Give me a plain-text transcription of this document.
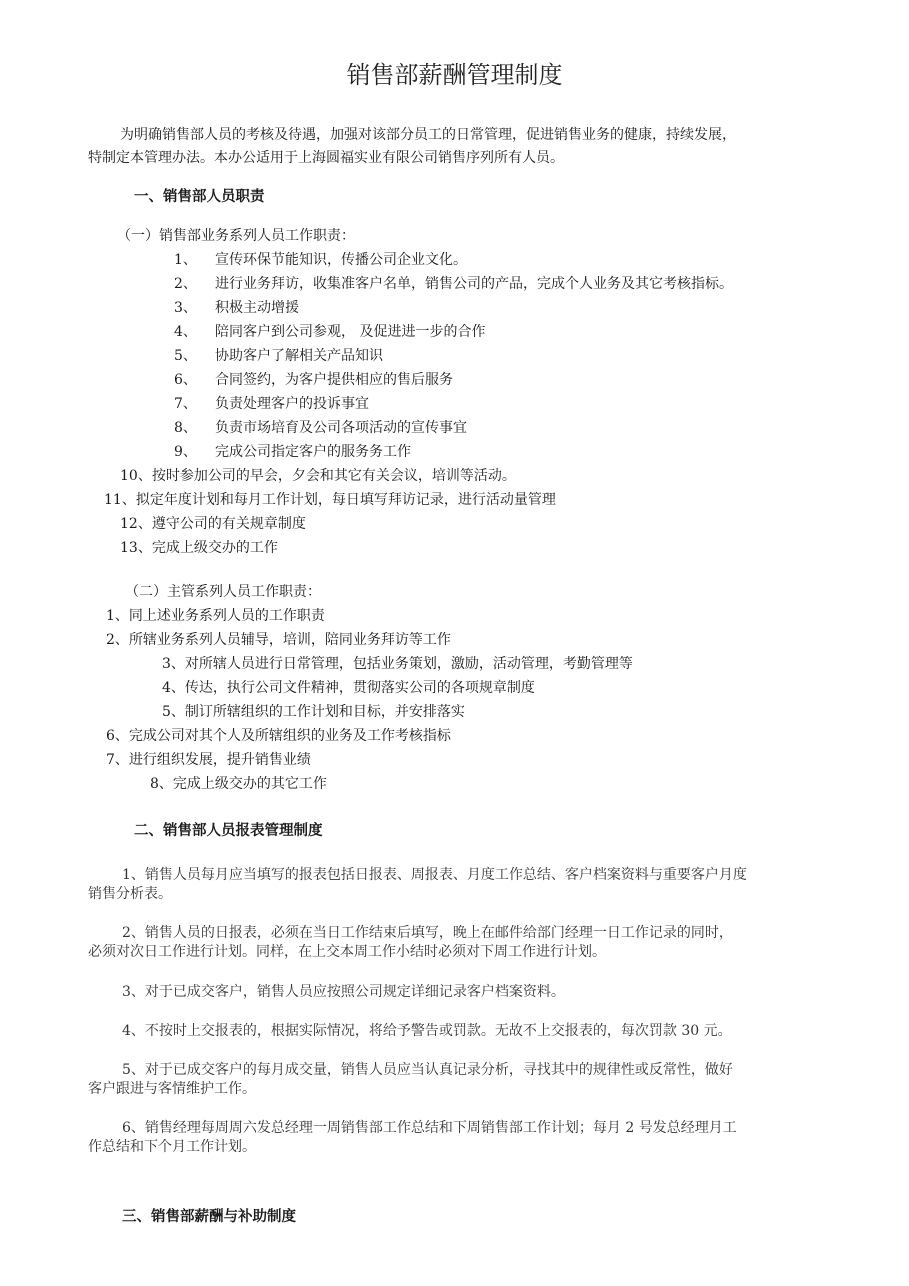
销售部薪酬管理制度
为明确销售部人员的考核及待遇，加强对该部分员工的日常管理，促进销售业务的健康，持续发展，
特制定本管理办法。本办公适用于上海圆福实业有限公司销售序列所有人员。
一、销售部人员职责
（一）销售部业务系列人员工作职责：
1、 宣传环保节能知识，传播公司企业文化。
2、 进行业务拜访，收集准客户名单，销售公司的产品，完成个人业务及其它考核指标。
3、 积极主动增援
4、 陪同客户到公司参观， 及促进进一步的合作
5、 协助客户了解相关产品知识
6、 合同签约，为客户提供相应的售后服务
7、 负责处理客户的投诉事宜
8、 负责市场培育及公司各项活动的宣传事宜
9、 完成公司指定客户的服务务工作
10、按时参加公司的早会，夕会和其它有关会议，培训等活动。
11、拟定年度计划和每月工作计划，每日填写拜访记录，进行活动量管理
12、遵守公司的有关规章制度
13、完成上级交办的工作
（二）主管系列人员工作职责：
1、同上述业务系列人员的工作职责
2、所辖业务系列人员辅导，培训，陪同业务拜访等工作
3、对所辖人员进行日常管理，包括业务策划，激励，活动管理，考勤管理等
4、传达，执行公司文件精神，贯彻落实公司的各项规章制度
5、制订所辖组织的工作计划和目标，并安排落实
6、完成公司对其个人及所辖组织的业务及工作考核指标
7、进行组织发展，提升销售业绩
8、完成上级交办的其它工作
二、销售部人员报表管理制度
1、销售人员每月应当填写的报表包括日报表、周报表、月度工作总结、客户档案资料与重要客户月度
销售分析表。
2、销售人员的日报表，必须在当日工作结束后填写，晚上在邮件给部门经理一日工作记录的同时，
必须对次日工作进行计划。同样，在上交本周工作小结时必须对下周工作进行计划。
3、对于已成交客户，销售人员应按照公司规定详细记录客户档案资料。
4、不按时上交报表的，根据实际情况，将给予警告或罚款。无故不上交报表的，每次罚款 30 元。
5、对于已成交客户的每月成交量，销售人员应当认真记录分析，寻找其中的规律性或反常性，做好
客户跟进与客情维护工作。
6、销售经理每周周六发总经理一周销售部工作总结和下周销售部工作计划；每月 2 号发总经理月工
作总结和下个月工作计划。
三、销售部薪酬与补助制度
